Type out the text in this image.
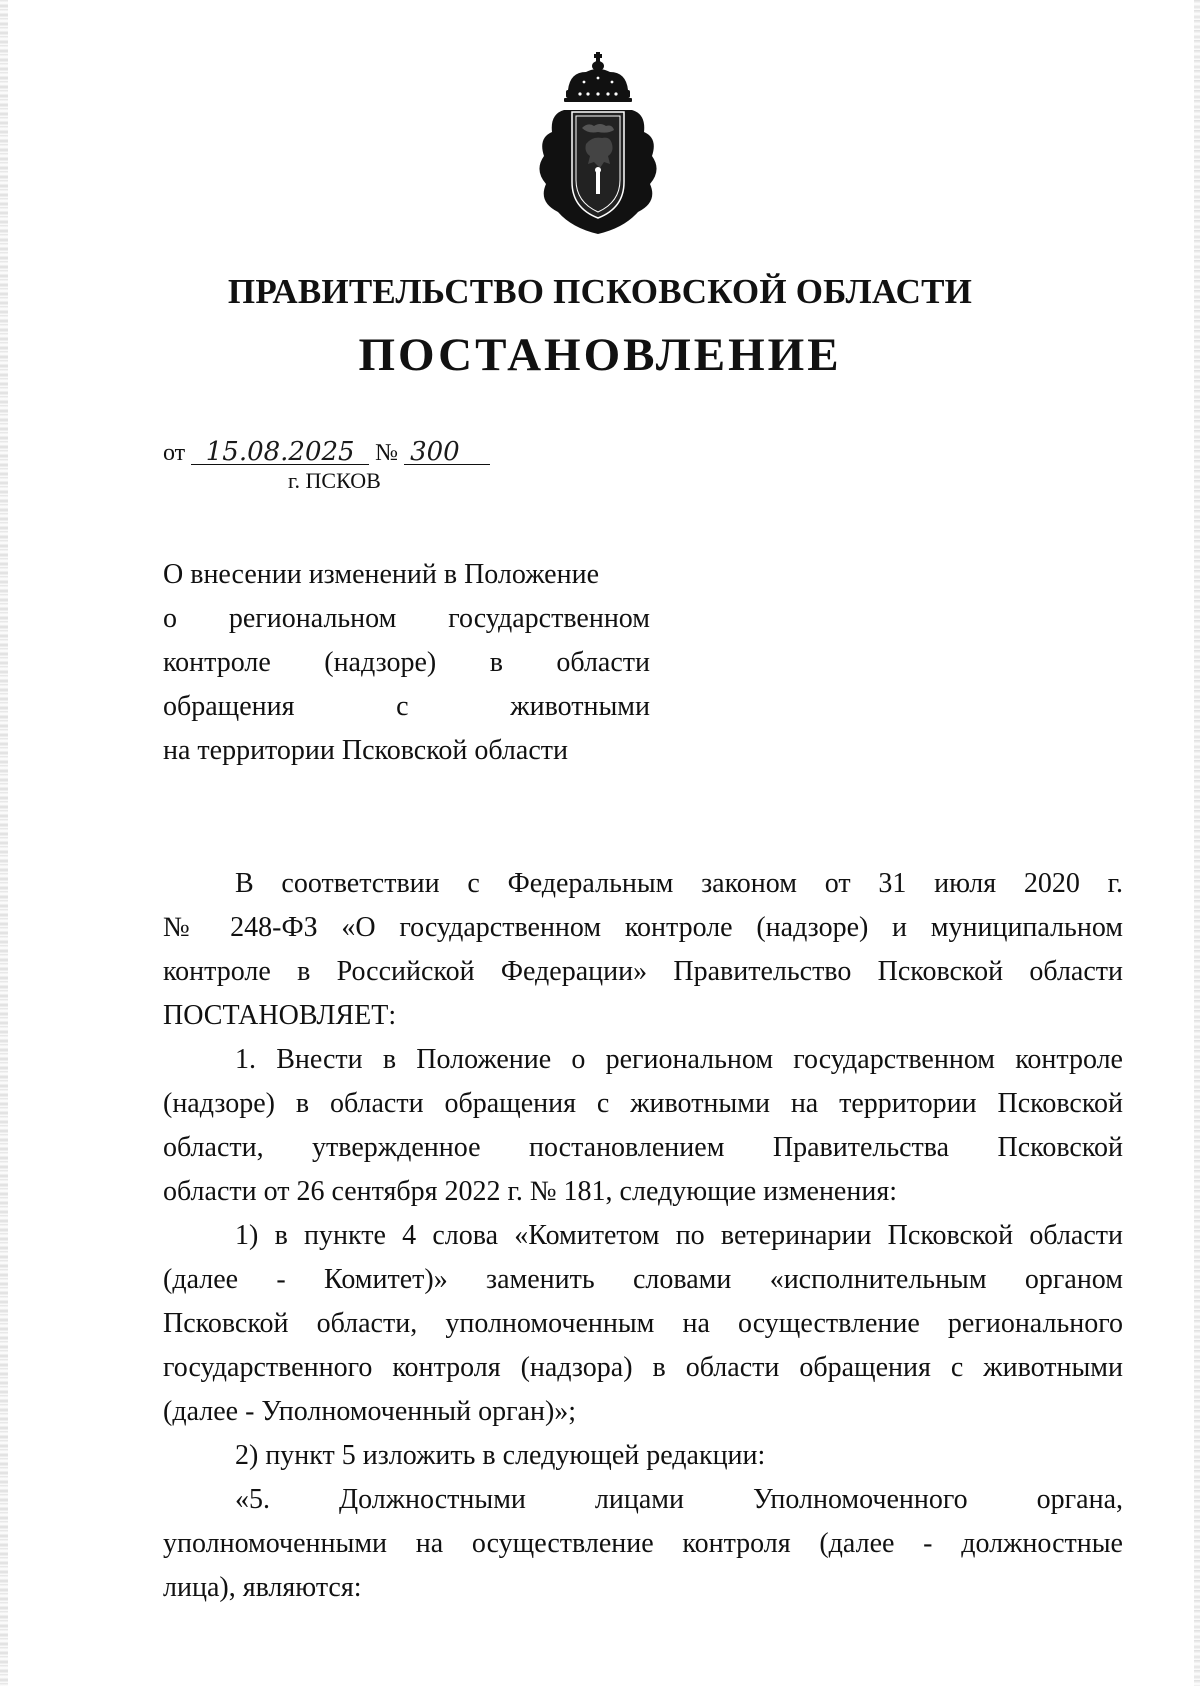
ПРАВИТЕЛЬСТВО ПСКОВСКОЙ ОБЛАСТИ
ПОСТАНОВЛЕНИЕ
от 15.08.2025 № 300
г. ПСКОВ
О внесении изменений в Положение
о региональном государственном
контроле (надзоре) в области
обращения с животными
на территории Псковской области
В соответствии с Федеральным законом от 31 июля 2020 г.
№ 248-ФЗ «О государственном контроле (надзоре) и муниципальном
контроле в Российской Федерации» Правительство Псковской области
ПОСТАНОВЛЯЕТ:
1. Внести в Положение о региональном государственном контроле
(надзоре) в области обращения с животными на территории Псковской
области, утвержденное постановлением Правительства Псковской
области от 26 сентября 2022 г. № 181, следующие изменения:
1) в пункте 4 слова «Комитетом по ветеринарии Псковской области
(далее - Комитет)» заменить словами «исполнительным органом
Псковской области, уполномоченным на осуществление регионального
государственного контроля (надзора) в области обращения с животными
(далее - Уполномоченный орган)»;
2) пункт 5 изложить в следующей редакции:
«5. Должностными лицами Уполномоченного органа,
уполномоченными на осуществление контроля (далее - должностные
лица), являются:
